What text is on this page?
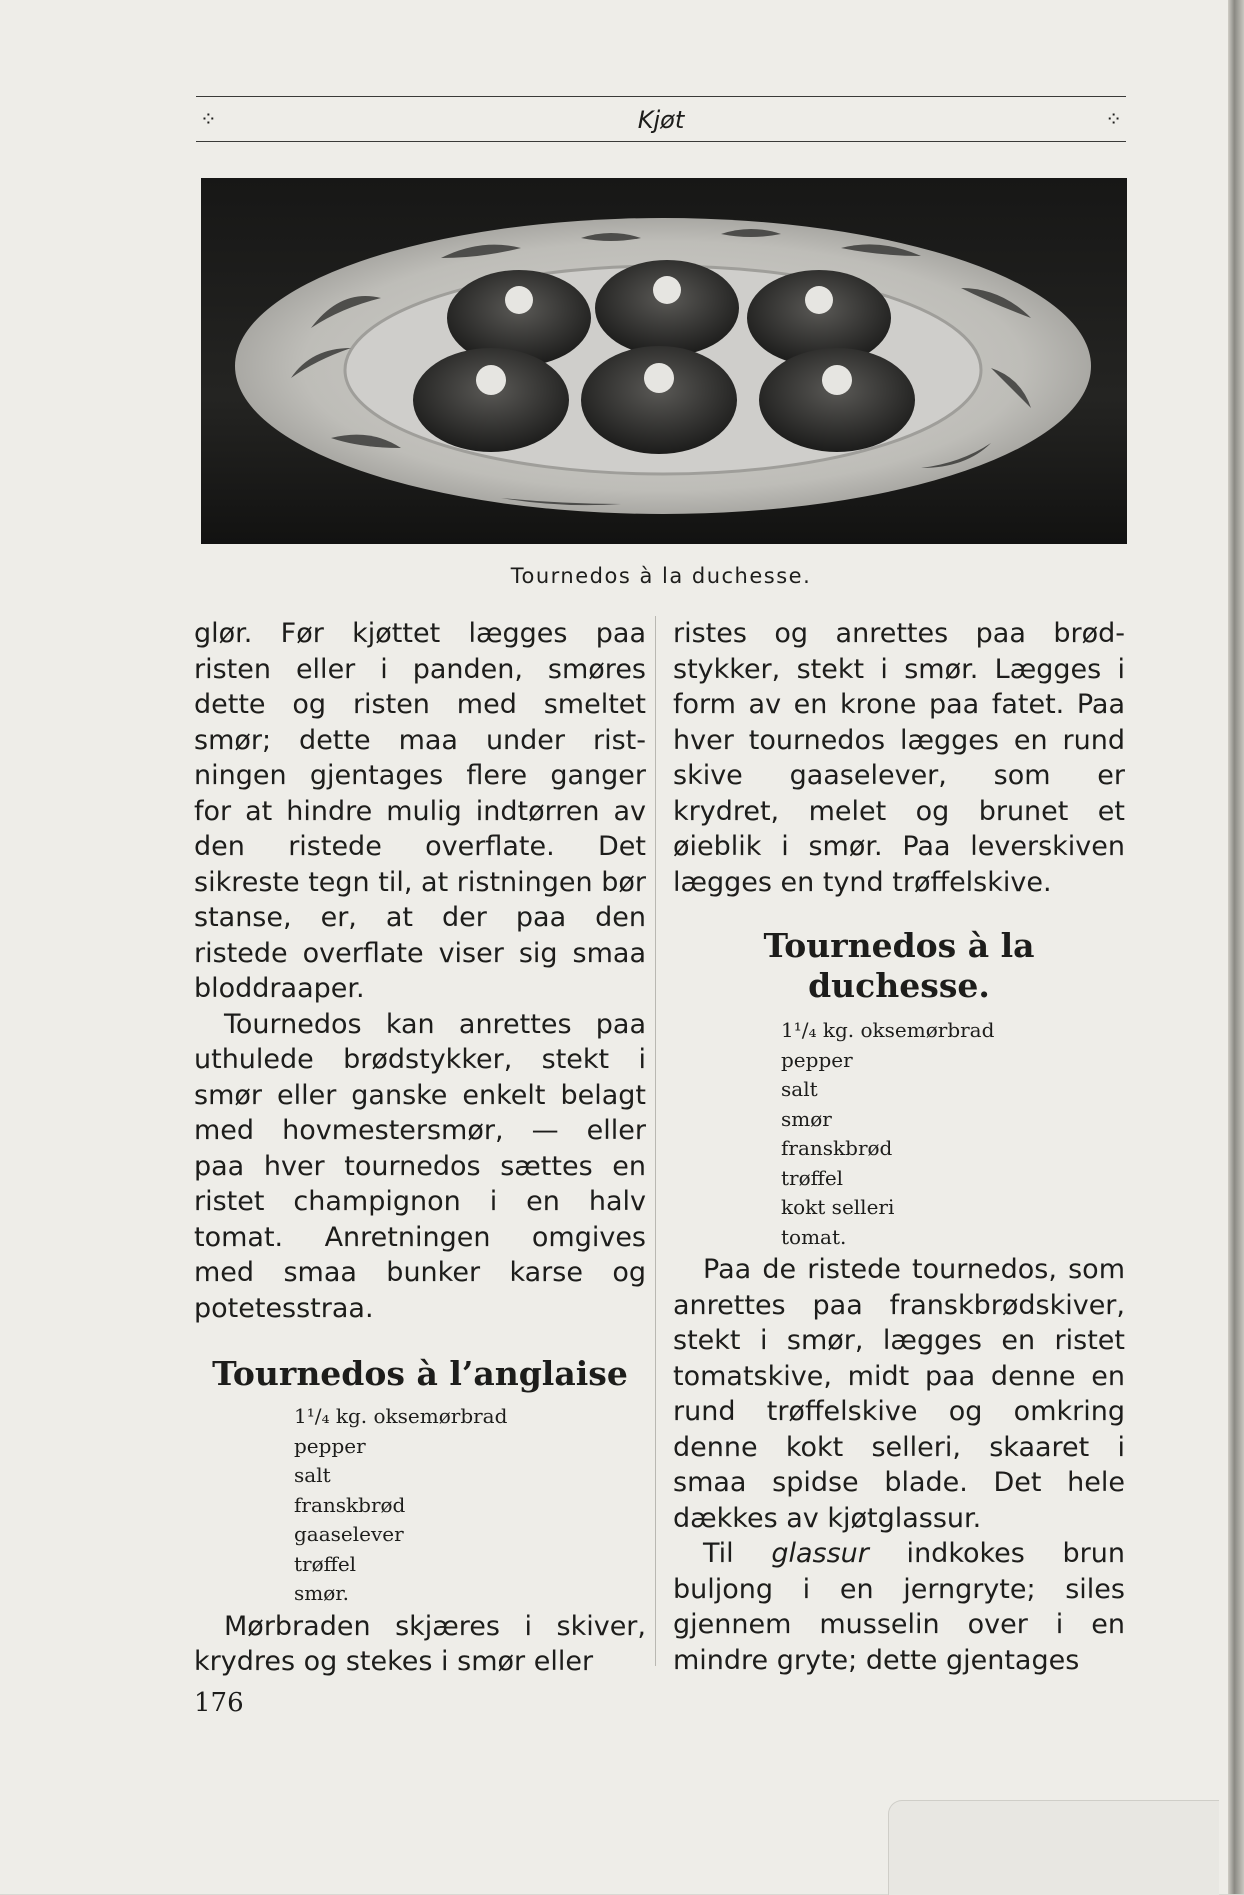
⁘	Kjøt	⁘
Tournedos à la duchesse.

glør. Før kjøttet lægges paa risten eller i panden, smøres dette og risten med smeltet smør; dette maa under ristningen gjentages flere ganger for at hindre mulig indtørren av den ristede overflate. Det sikreste tegn til, at ristningen bør stanse, er, at der paa den ristede overflate viser sig smaa bloddraaper.

Tournedos kan anrettes paa uthulede brødstykker, stekt i smør eller ganske enkelt belagt med hovmestersmør, — eller paa hver tournedos sættes en ristet champignon i en halv tomat. Anretningen omgives med smaa bunker karse og potetesstraa.

Tournedos à l’anglaise
1¹/₄ kg. oksemørbrad
pepper
salt
franskbrød
gaaselever
trøffel
smør.

Mørbraden skjæres i skiver, krydres og stekes i smør eller

ristes og anrettes paa brødstykker, stekt i smør. Lægges i form av en krone paa fatet. Paa hver tournedos lægges en rund skive gaaselever, som er krydret, melet og brunet et øieblik i smør. Paa leverskiven lægges en tynd trøffelskive.

Tournedos à la duchesse.
1¹/₄ kg. oksemørbrad
pepper
salt
smør
franskbrød
trøffel
kokt selleri
tomat.

Paa de ristede tournedos, som anrettes paa franskbrødskiver, stekt i smør, lægges en ristet tomatskive, midt paa denne en rund trøffelskive og omkring denne kokt selleri, skaaret i smaa spidse blade. Det hele dækkes av kjøtglassur.

Til glassur indkokes brun buljong i en jerngryte; siles gjennem musselin over i en mindre gryte; dette gjentages

176
